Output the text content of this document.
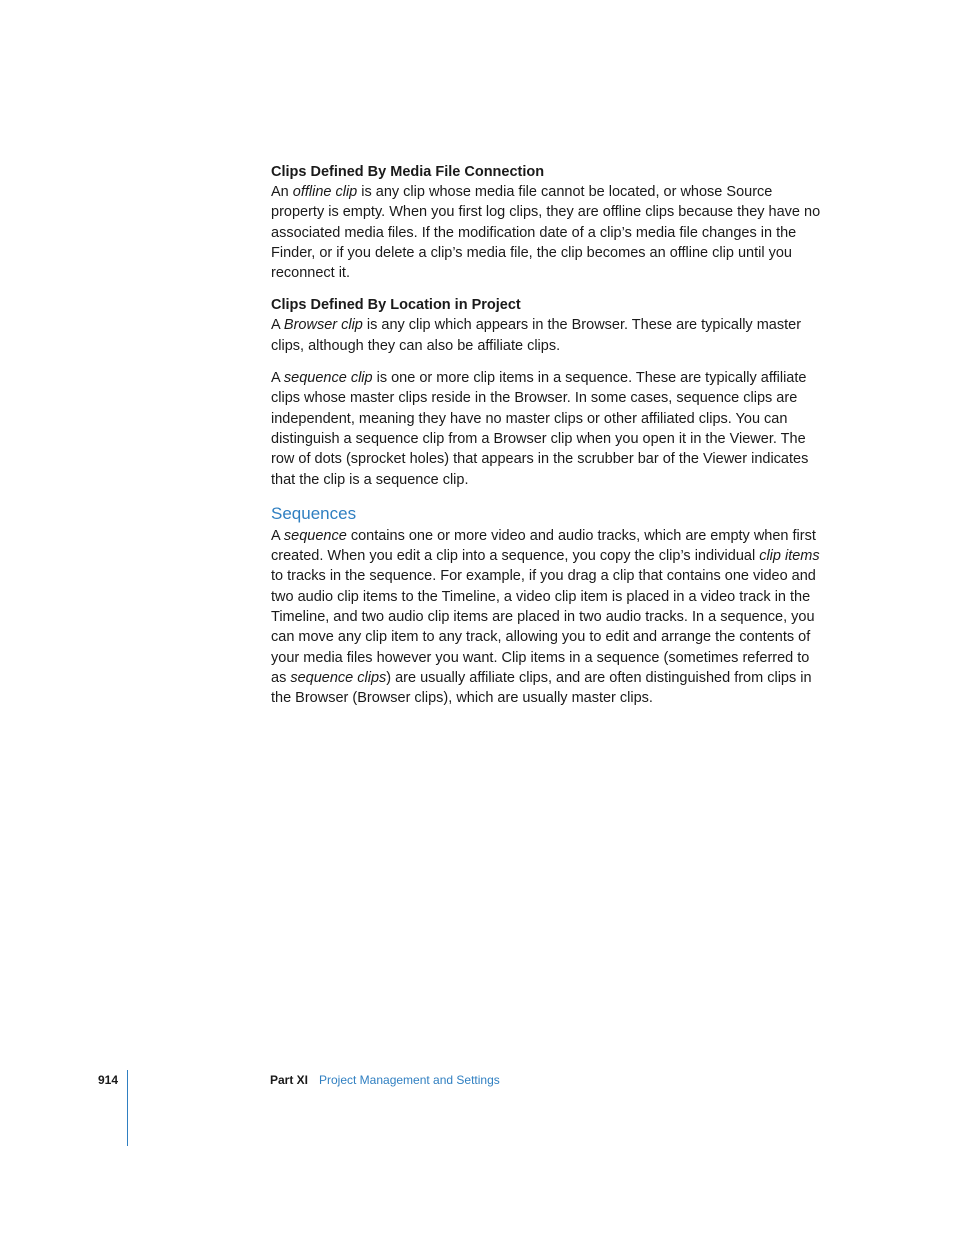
Clips Defined By Media File Connection

An offline clip is any clip whose media file cannot be located, or whose Source property is empty. When you first log clips, they are offline clips because they have no associated media files. If the modification date of a clip’s media file changes in the Finder, or if you delete a clip’s media file, the clip becomes an offline clip until you reconnect it.

Clips Defined By Location in Project

A Browser clip is any clip which appears in the Browser. These are typically master clips, although they can also be affiliate clips.

A sequence clip is one or more clip items in a sequence. These are typically affiliate clips whose master clips reside in the Browser. In some cases, sequence clips are independent, meaning they have no master clips or other affiliated clips. You can distinguish a sequence clip from a Browser clip when you open it in the Viewer. The row of dots (sprocket holes) that appears in the scrubber bar of the Viewer indicates that the clip is a sequence clip.

Sequences

A sequence contains one or more video and audio tracks, which are empty when first created. When you edit a clip into a sequence, you copy the clip’s individual clip items to tracks in the sequence. For example, if you drag a clip that contains one video and two audio clip items to the Timeline, a video clip item is placed in a video track in the Timeline, and two audio clip items are placed in two audio tracks. In a sequence, you can move any clip item to any track, allowing you to edit and arrange the contents of your media files however you want. Clip items in a sequence (sometimes referred to as sequence clips) are usually affiliate clips, and are often distinguished from clips in the Browser (Browser clips), which are usually master clips.

914	Part XI Project Management and Settings
